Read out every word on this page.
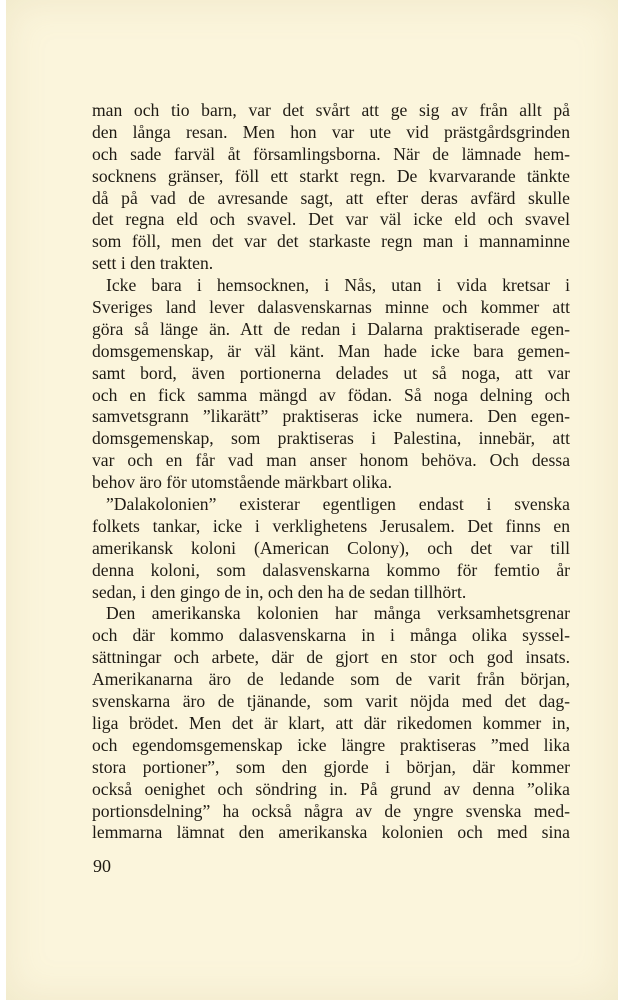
man och tio barn, var det svårt att ge sig av från allt på
den långa resan. Men hon var ute vid prästgårdsgrinden
och sade farväl åt församlingsborna. När de lämnade hem-
socknens gränser, föll ett starkt regn. De kvarvarande tänkte
då på vad de avresande sagt, att efter deras avfärd skulle
det regna eld och svavel. Det var väl icke eld och svavel
som föll, men det var det starkaste regn man i mannaminne
sett i den trakten.
Icke bara i hemsocknen, i Nås, utan i vida kretsar i
Sveriges land lever dalasvenskarnas minne och kommer att
göra så länge än. Att de redan i Dalarna praktiserade egen-
domsgemenskap, är väl känt. Man hade icke bara gemen-
samt bord, även portionerna delades ut så noga, att var
och en fick samma mängd av födan. Så noga delning och
samvetsgrann ”likarätt” praktiseras icke numera. Den egen-
domsgemenskap, som praktiseras i Palestina, innebär, att
var och en får vad man anser honom behöva. Och dessa
behov äro för utomstående märkbart olika.
”Dalakolonien” existerar egentligen endast i svenska
folkets tankar, icke i verklighetens Jerusalem. Det finns en
amerikansk koloni (American Colony), och det var till
denna koloni, som dalasvenskarna kommo för femtio år
sedan, i den gingo de in, och den ha de sedan tillhört.
Den amerikanska kolonien har många verksamhetsgrenar
och där kommo dalasvenskarna in i många olika syssel-
sättningar och arbete, där de gjort en stor och god insats.
Amerikanarna äro de ledande som de varit från början,
svenskarna äro de tjänande, som varit nöjda med det dag-
liga brödet. Men det är klart, att där rikedomen kommer in,
och egendomsgemenskap icke längre praktiseras ”med lika
stora portioner”, som den gjorde i början, där kommer
också oenighet och söndring in. På grund av denna ”olika
portionsdelning” ha också några av de yngre svenska med-
lemmarna lämnat den amerikanska kolonien och med sina
90
